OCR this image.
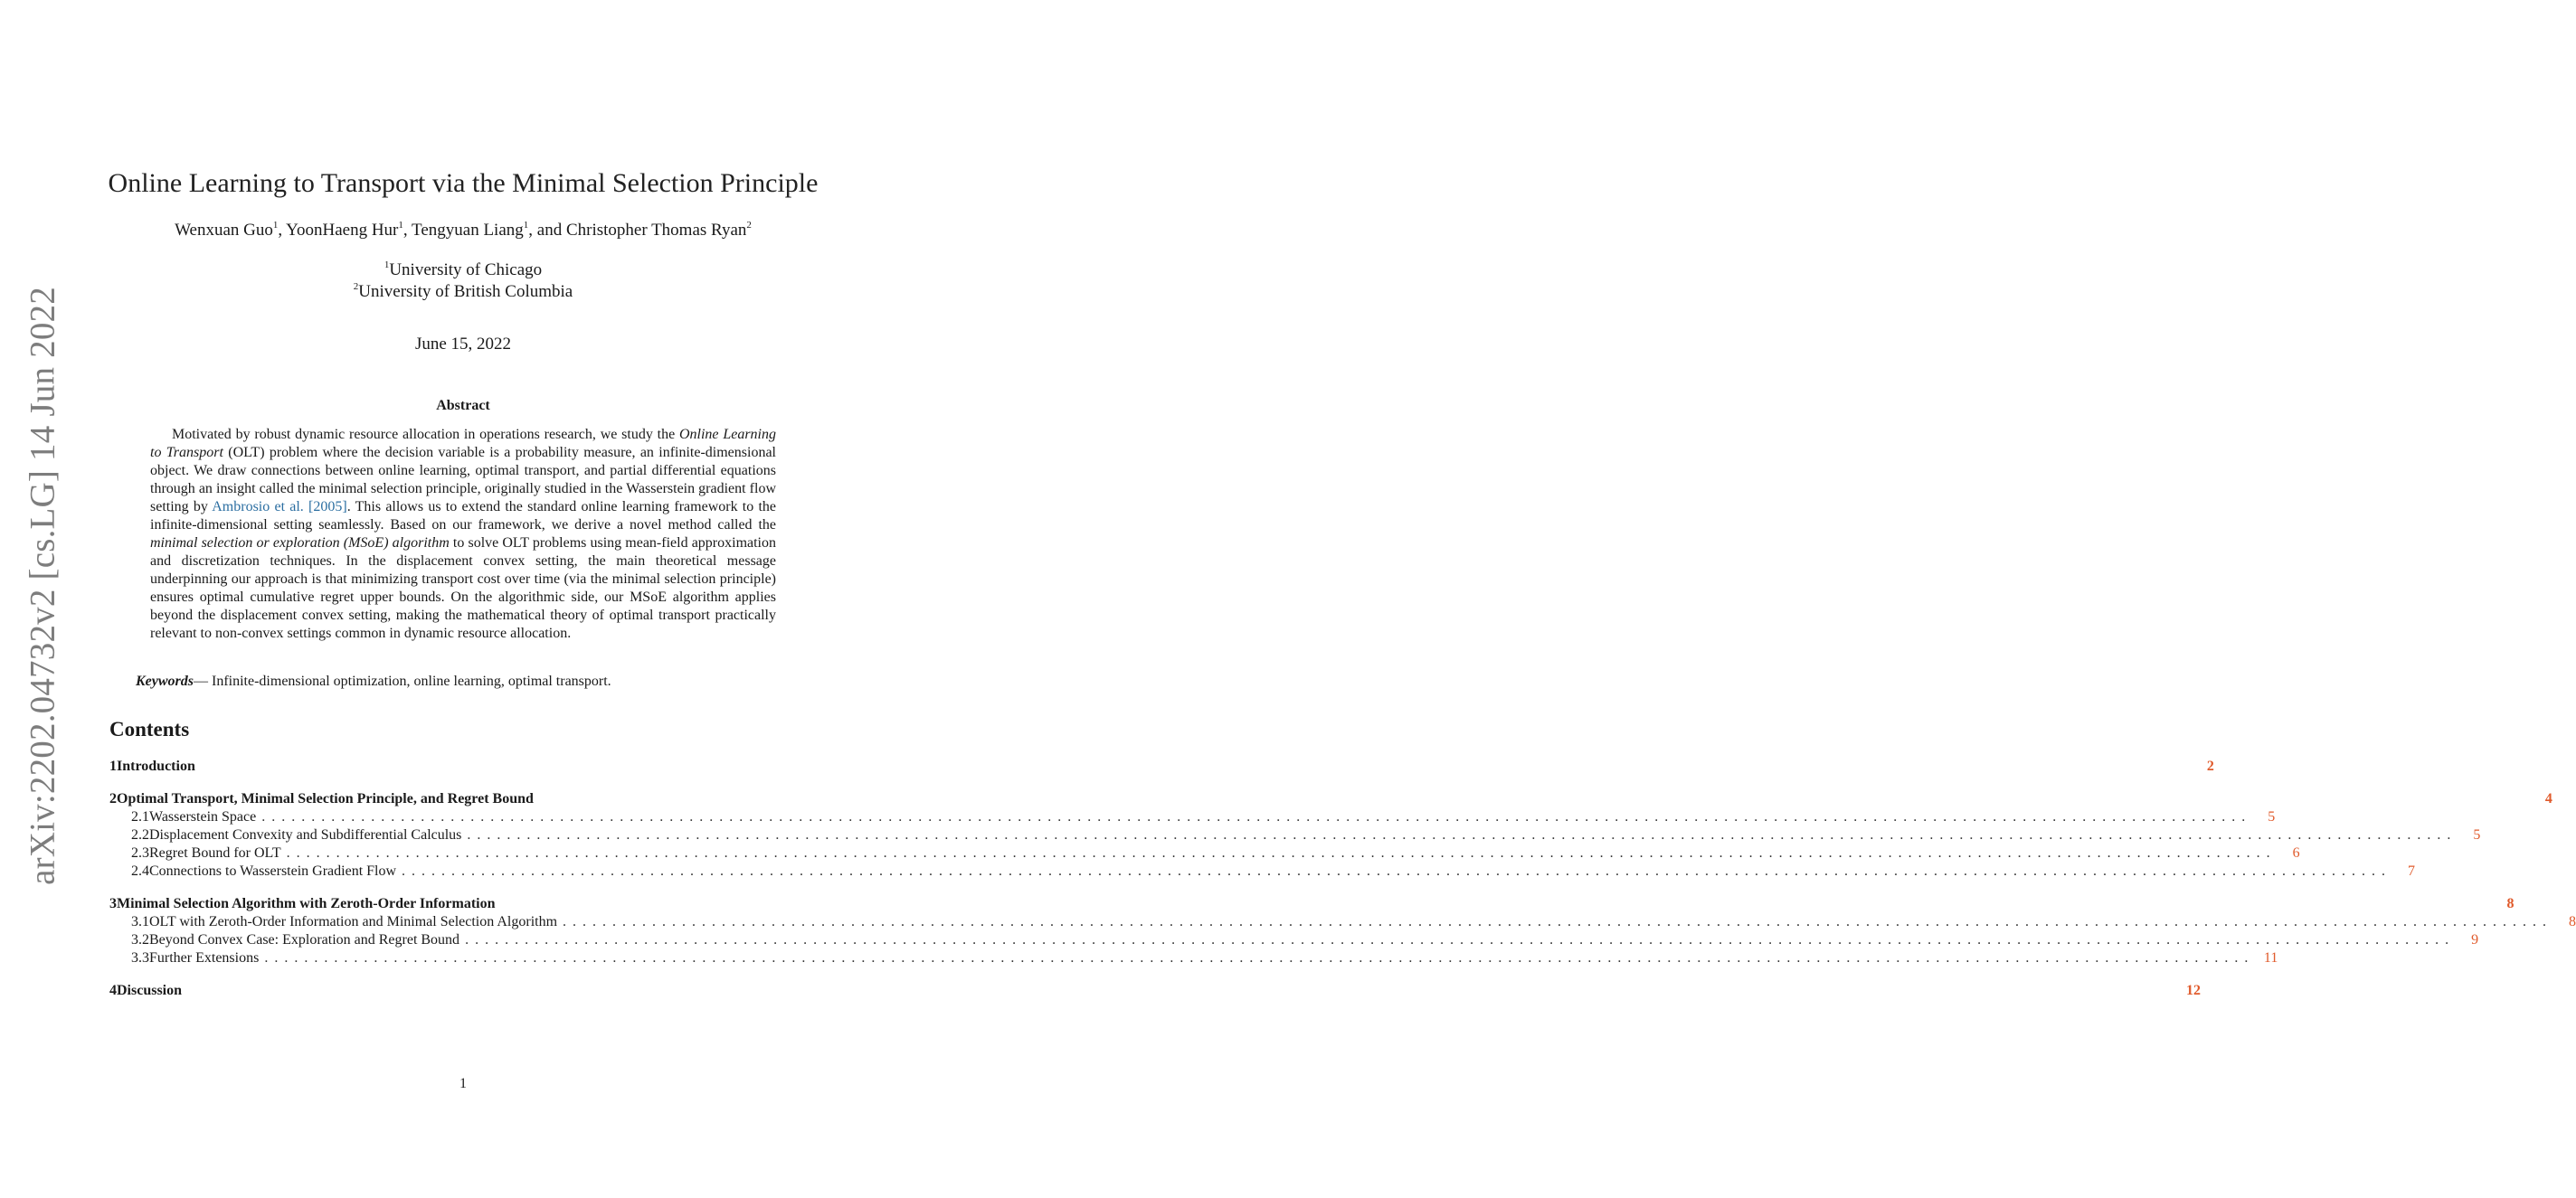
arXiv:2202.04732v2 [cs.LG] 14 Jun 2022
Online Learning to Transport via the Minimal Selection Principle
Wenxuan Guo$^1$, YoonHaeng Hur$^1$, Tengyuan Liang$^1$, and Christopher Thomas Ryan$^2$
$^1$University of Chicago
$^2$University of British Columbia
June 15, 2022
Abstract
Motivated by robust dynamic resource allocation in operations research, we study the Online Learning to Transport (OLT) problem where the decision variable is a probability measure, an infinite-dimensional object. We draw connections between online learning, optimal transport, and partial differential equations through an insight called the minimal selection principle, originally studied in the Wasserstein gradient flow setting by Ambrosio et al. [2005]. This allows us to extend the standard online learning framework to the infinite-dimensional setting seamlessly. Based on our framework, we derive a novel method called the minimal selection or exploration (MSoE) algorithm to solve OLT problems using mean-field approximation and discretization techniques. In the displacement convex setting, the main theoretical message underpinning our approach is that minimizing transport cost over time (via the minimal selection principle) ensures optimal cumulative regret upper bounds. On the algorithmic side, our MSoE algorithm applies beyond the displacement convex setting, making the mathematical theory of optimal transport practically relevant to non-convex settings common in dynamic resource allocation.
Keywords— Infinite-dimensional optimization, online learning, optimal transport.
Contents
1 Introduction	2
2 Optimal Transport, Minimal Selection Principle, and Regret Bound	4
2.1 Wasserstein Space ........................................................................................................................................................................................................	5
2.2 Displacement Convexity and Subdifferential Calculus ........................................................................................................................................................................................................	5
2.3 Regret Bound for OLT ........................................................................................................................................................................................................	6
2.4 Connections to Wasserstein Gradient Flow ........................................................................................................................................................................................................	7
3 Minimal Selection Algorithm with Zeroth-Order Information	8
3.1 OLT with Zeroth-Order Information and Minimal Selection Algorithm ........................................................................................................................................................................................................	8
3.2 Beyond Convex Case: Exploration and Regret Bound ........................................................................................................................................................................................................	9
3.3 Further Extensions ........................................................................................................................................................................................................ 11
4 Discussion	12
1
